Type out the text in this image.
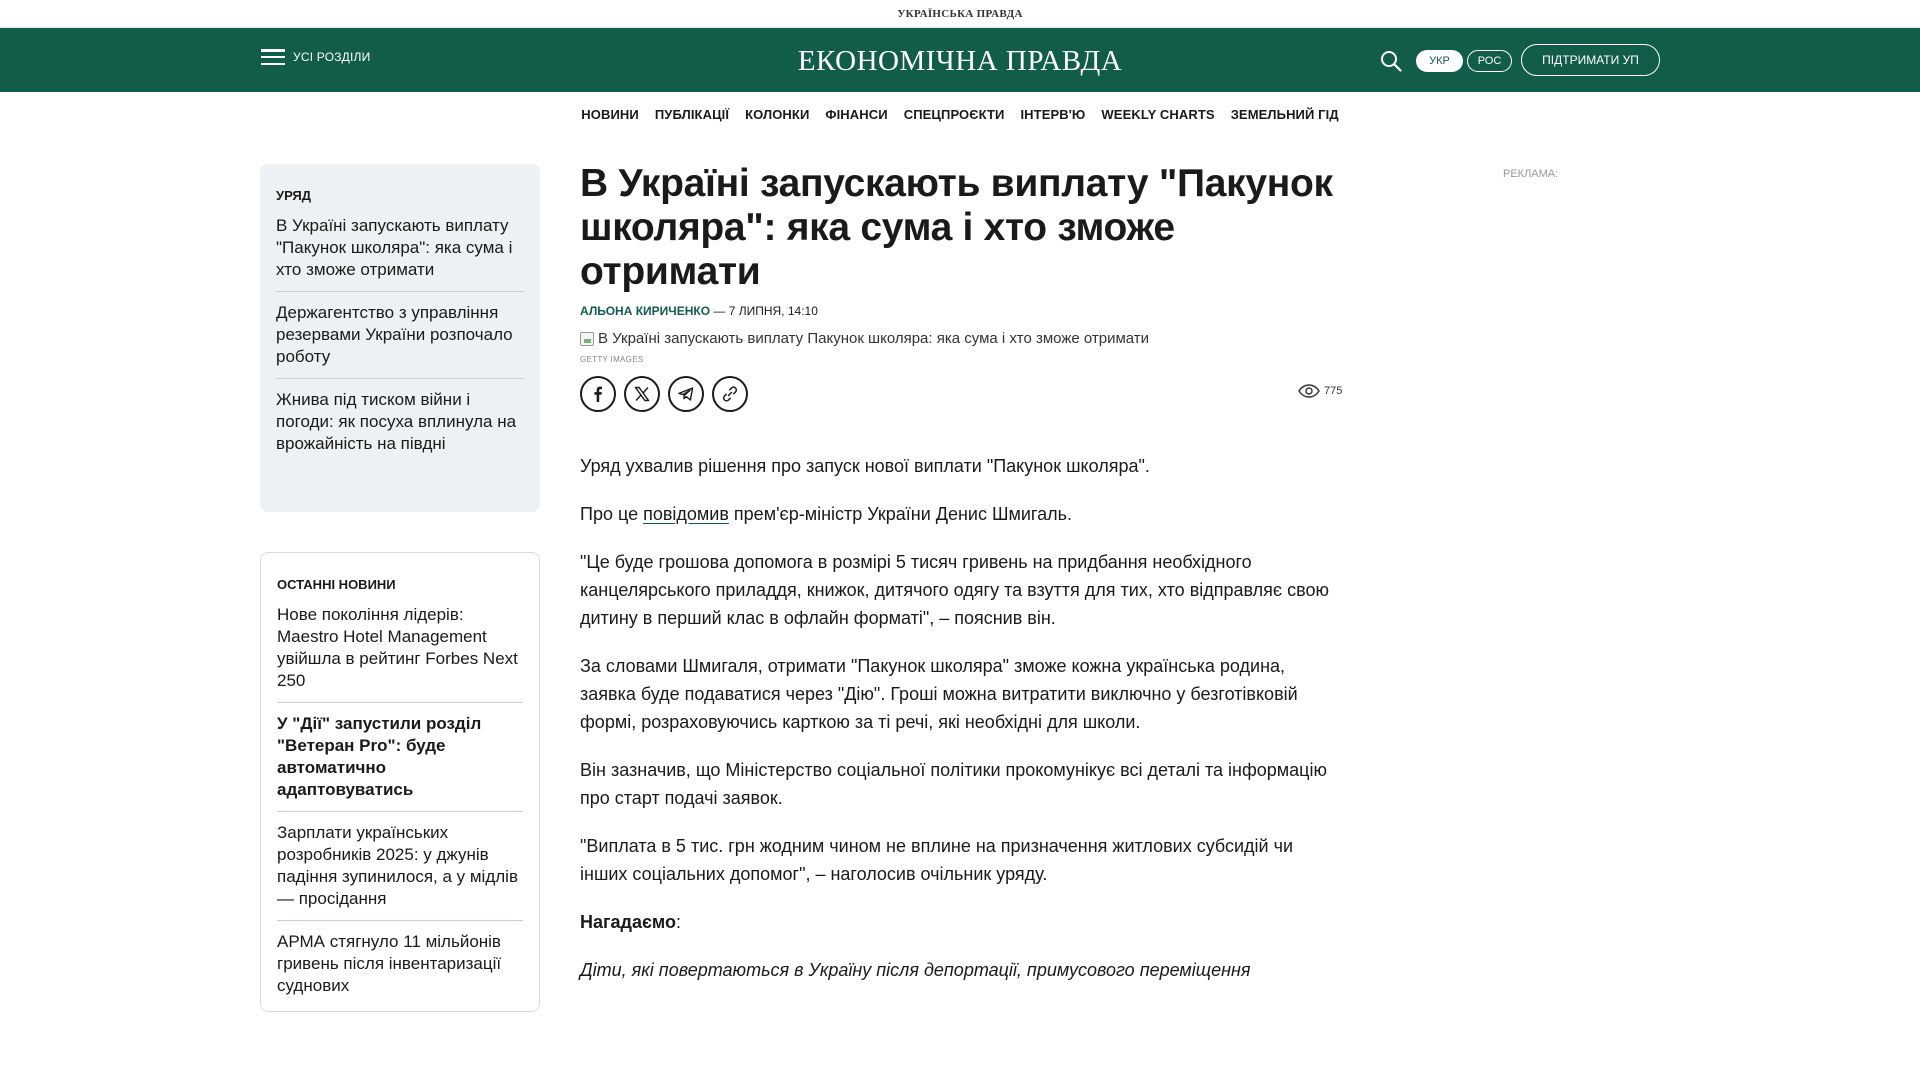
УКРАЇНСЬКА ПРАВДА
УСІ РОЗДІЛИ	ЕКОНОМІЧНА ПРАВДА	УКР	РОС	ПІДТРИМАТИ УП
НОВИНИ ПУБЛІКАЦІЇ КОЛОНКИ ФІНАНСИ СПЕЦПРОЄКТИ ІНТЕРВ'Ю WEEKLY CHARTS ЗЕМЕЛЬНИЙ ГІД
УРЯД
В Україні запускають виплату "Пакунок школяра": яка сума і хто зможе отримати
Держагентство з управління резервами України розпочало роботу
Жнива під тиском війни і погоди: як посуха вплинула на врожайність на півдні
ОСТАННІ НОВИНИ
Нове покоління лідерів: Maestro Hotel Management увійшла в рейтинг Forbes Next 250
У "Дії" запустили розділ "Ветеран Pro": буде автоматично адаптовуватись
Зарплати українських розробників 2025: у джунів падіння зупинилося, а у мідлів — просідання
АРМА стягнуло 11 мільйонів гривень після інвентаризації суднових
В Україні запускають виплату "Пакунок школяра": яка сума і хто зможе отримати
АЛЬОНА КИРИЧЕНКО — 7 ЛИПНЯ, 14:10
В Україні запускають виплату Пакунок школяра: яка сума і хто зможе отримати
GETTY IMAGES
775

Уряд ухвалив рішення про запуск нової виплати "Пакунок школяра".

Про це повідомив прем'єр-міністр України Денис Шмигаль.

"Це буде грошова допомога в розмірі 5 тисяч гривень на придбання необхідного канцелярського приладдя, книжок, дитячого одягу та взуття для тих, хто відправляє свою дитину в перший клас в офлайн форматі", – пояснив він.

За словами Шмигаля, отримати "Пакунок школяра" зможе кожна українська родина, заявка буде подаватися через "Дію". Гроші можна витратити виключно у безготівковій формі, розраховуючись карткою за ті речі, які необхідні для школи.

Він зазначив, що Міністерство соціальної політики прокомунікує всі деталі та інформацію про старт подачі заявок.

"Виплата в 5 тис. грн жодним чином не вплине на призначення житлових субсидій чи інших соціальних допомог", – наголосив очільник уряду.

Нагадаємо:

Діти, які повертаються в Україну після депортації, примусового переміщення

РЕКЛАМА:
